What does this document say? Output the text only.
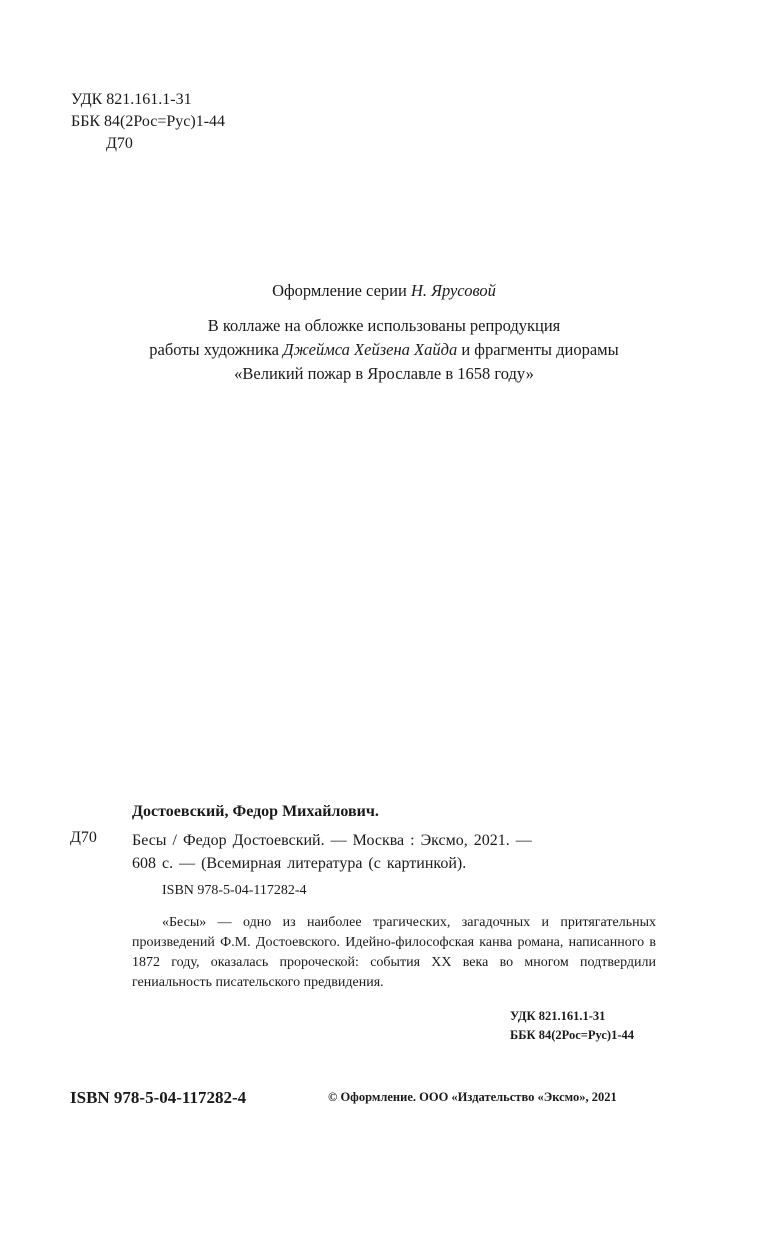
УДК 821.161.1-31
ББК 84(2Рос=Рус)1-44
Д70
Оформление серии Н. Ярусовой
В коллаже на обложке использованы репродукция
работы художника Джеймса Хейзена Хайда и фрагменты диорамы
«Великий пожар в Ярославле в 1658 году»
Достоевский, Федор Михайлович.
Д70 Бесы / Федор Достоевский. — Москва : Эксмо, 2021. —
608 с. — (Всемирная литература (с картинкой).
ISBN 978-5-04-117282-4
«Бесы» — одно из наиболее трагических, загадочных и притягательных произведений Ф.М. Достоевского. Идейно-философская канва романа, написанного в 1872 году, оказалась пророческой: события XX века во многом подтвердили гениальность писательского предвидения.
УДК 821.161.1-31
ББК 84(2Рос=Рус)1-44
ISBN 978-5-04-117282-4	© Оформление. ООО «Издательство «Эксмо», 2021
